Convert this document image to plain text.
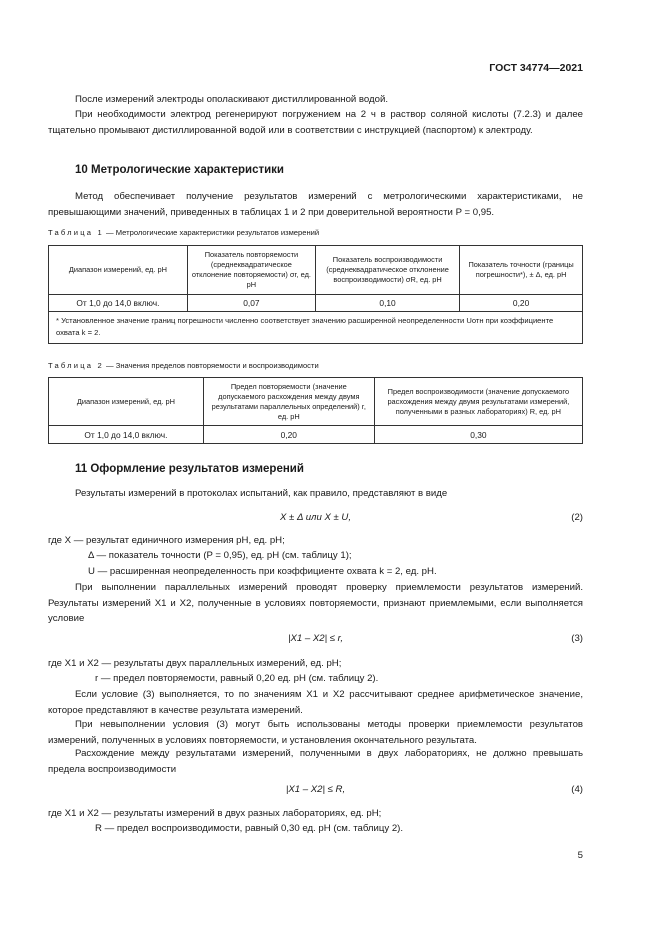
ГОСТ 34774—2021
После измерений электроды ополаскивают дистиллированной водой.
При необходимости электрод регенерируют погружением на 2 ч в раствор соляной кислоты (7.2.3) и далее тщательно промывают дистиллированной водой или в соответствии с инструкцией (паспортом) к электроду.
10 Метрологические характеристики
Метод обеспечивает получение результатов измерений с метрологическими характеристиками, не превышающими значений, приведенных в таблицах 1 и 2 при доверительной вероятности P = 0,95.
Таблица 1 — Метрологические характеристики результатов измерений
Диапазон измерений, ед. pH	Показатель повторяемости (среднеквадратическое отклонение повторяемости) σr, ед. pH	Показатель воспроизводимости (среднеквадратическое отклонение воспроизводимости) σR, ед. pH	Показатель точности (границы погрешности*), ± Δ, ед. pH
От 1,0 до 14,0 включ.	0,07	0,10	0,20
* Установленное значение границ погрешности численно соответствует значению расширенной неопределенности Uотн при коэффициенте охвата k = 2.			
Таблица 2 — Значения пределов повторяемости и воспроизводимости
Диапазон измерений, ед. pH	Предел повторяемости (значение допускаемого расхождения между двумя результатами параллельных определений) r, ед. pH	Предел воспроизводимости (значение допускаемого расхождения между двумя результатами измерений, полученными в разных лабораториях) R, ед. pH
От 1,0 до 14,0 включ.	0,20	0,30
11 Оформление результатов измерений
Результаты измерений в протоколах испытаний, как правило, представляют в виде
X ± Δ или X ± U,	(2)
где X — результат единичного измерения pH, ед. pH;
Δ — показатель точности (P = 0,95), ед. pH (см. таблицу 1);
U — расширенная неопределенность при коэффициенте охвата k = 2, ед. pH.
При выполнении параллельных измерений проводят проверку приемлемости результатов измерений. Результаты измерений X1 и X2, полученные в условиях повторяемости, признают приемлемыми, если выполняется условие
|X1 – X2| ≤ r,	(3)
где X1 и X2 — результаты двух параллельных измерений, ед. pH;
r — предел повторяемости, равный 0,20 ед. pH (см. таблицу 2).
Если условие (3) выполняется, то по значениям X1 и X2 рассчитывают среднее арифметическое значение, которое представляют в качестве результата измерений.
При невыполнении условия (3) могут быть использованы методы проверки приемлемости результатов измерений, полученных в условиях повторяемости, и установления окончательного результата.
Расхождение между результатами измерений, полученными в двух лабораториях, не должно превышать предела воспроизводимости
|X1 – X2| ≤ R,	(4)
где X1 и X2 — результаты измерений в двух разных лабораториях, ед. pH;
R — предел воспроизводимости, равный 0,30 ед. pH (см. таблицу 2).
5
